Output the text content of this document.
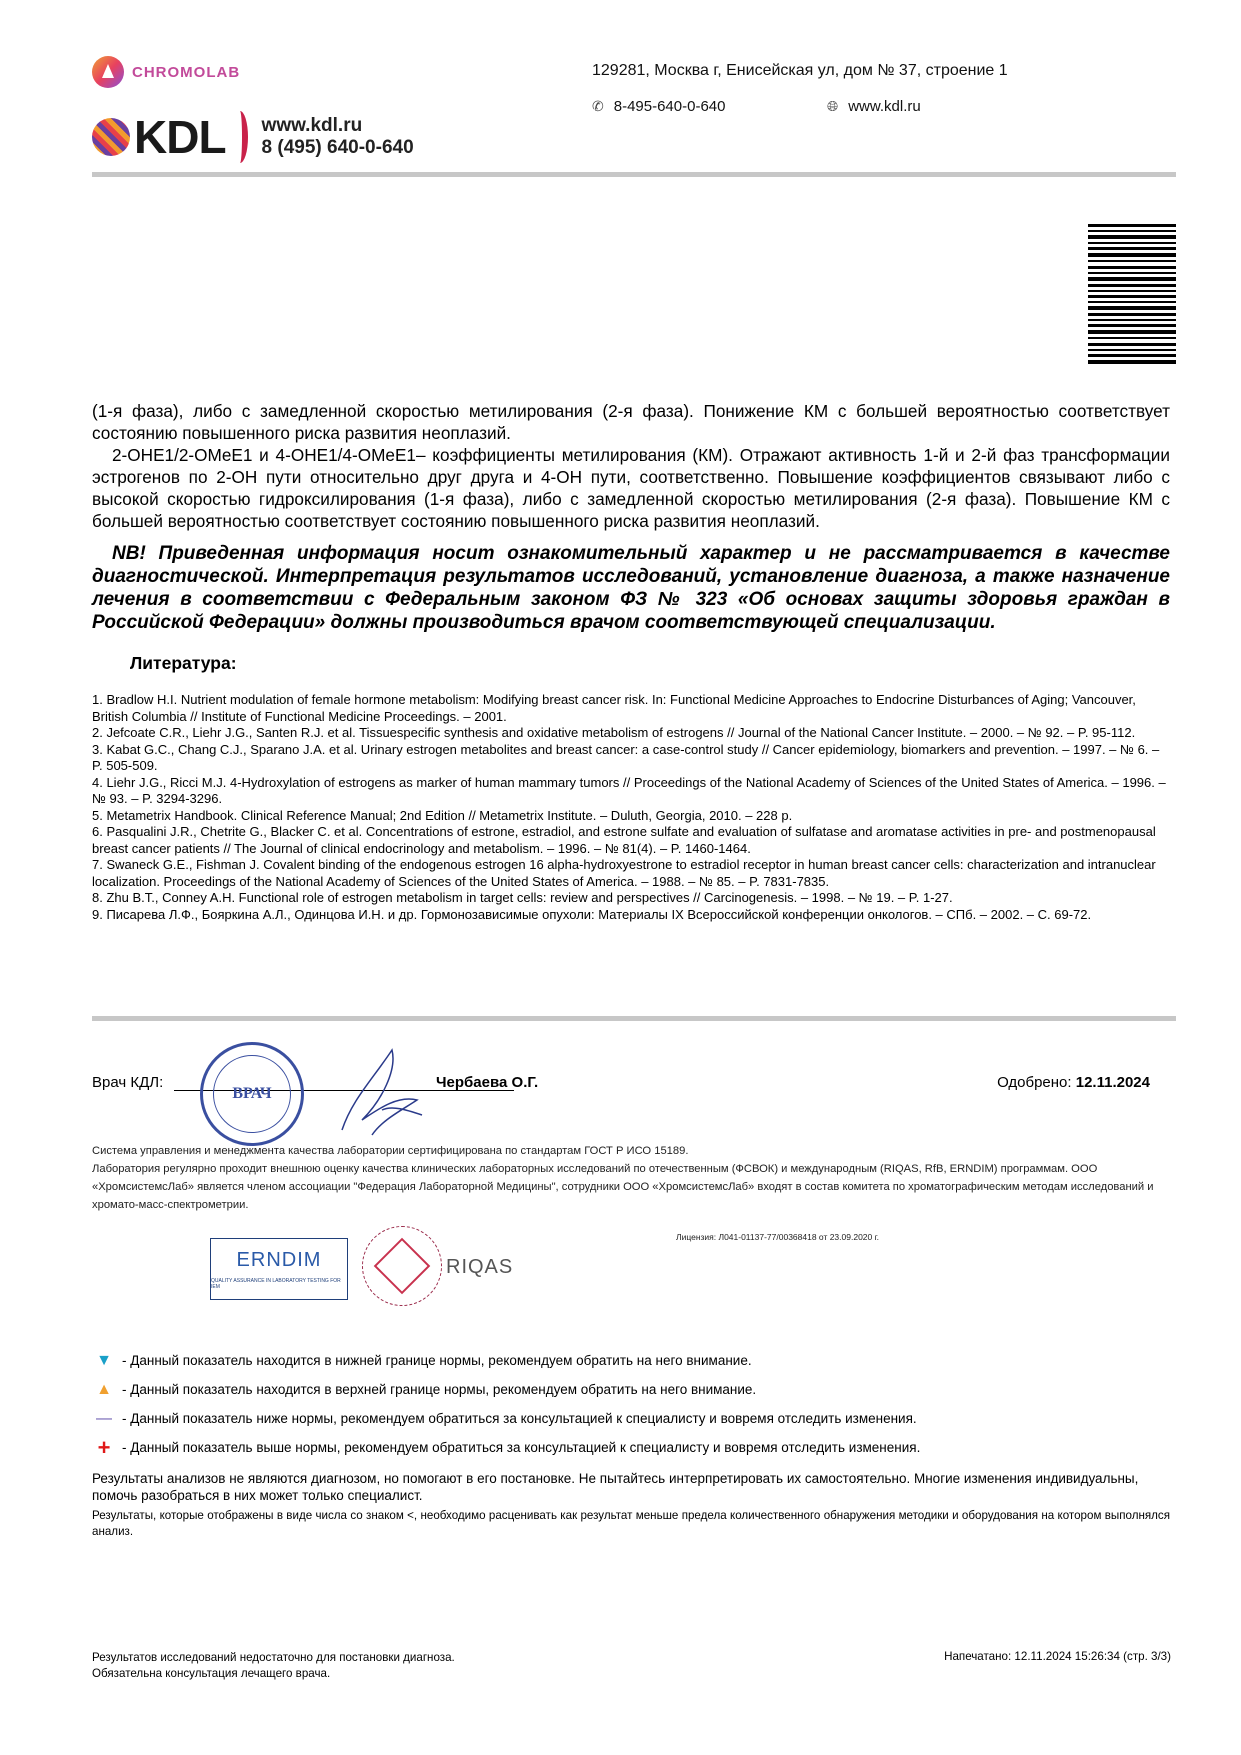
CHROMOLAB
KDL www.kdl.ru
8 (495) 640-0-640
129281, Москва г, Енисейская ул, дом № 37, строение 1
✆ 8-495-640-0-640	🌐︎ www.kdl.ru
(1-я фаза), либо с замедленной скоростью метилирования (2-я фаза). Понижение КМ с большей вероятностью соответствует состоянию повышенного риска развития неоплазий.
2-OHE1/2-OMeE1 и 4-OHE1/4-OMeE1– коэффициенты метилирования (КМ). Отражают активность 1-й и 2-й фаз трансформации эстрогенов по 2-ОН пути относительно друг друга и 4-ОН пути, соответственно. Повышение коэффициентов связывают либо с высокой скоростью гидроксилирования (1-я фаза), либо с замедленной скоростью метилирования (2-я фаза). Повышение КМ с большей вероятностью соответствует состоянию повышенного риска развития неоплазий.
NB! Приведенная информация носит ознакомительный характер и не рассматривается в качестве диагностической. Интерпретация результатов исследований, установление диагноза, а также назначение лечения в соответствии с Федеральным законом ФЗ № 323 «Об основах защиты здоровья граждан в Российской Федерации» должны производиться врачом соответствующей специализации.
Литература:
1. Bradlow H.I. Nutrient modulation of female hormone metabolism: Modifying breast cancer risk. In: Functional Medicine Approaches to Endocrine Disturbances of Aging; Vancouver, British Columbia // Institute of Functional Medicine Proceedings. – 2001.
2. Jefcoate C.R., Liehr J.G., Santen R.J. et al. Tissuespecific synthesis and oxidative metabolism of estrogens // Journal of the National Cancer Institute. – 2000. – № 92. – P. 95-112.
3. Kabat G.C., Chang C.J., Sparano J.A. et al. Urinary estrogen metabolites and breast cancer: a case-control study // Cancer epidemiology, biomarkers and prevention. – 1997. – № 6. – P. 505-509.
4. Liehr J.G., Ricci M.J. 4-Hydroxylation of estrogens as marker of human mammary tumors // Proceedings of the National Academy of Sciences of the United States of America. – 1996. – № 93. – P. 3294-3296.
5. Metametrix Handbook. Clinical Reference Manual; 2nd Edition // Metametrix Institute. – Duluth, Georgia, 2010. – 228 p.
6. Pasqualini J.R., Chetrite G., Blacker C. et al. Concentrations of estrone, estradiol, and estrone sulfate and evaluation of sulfatase and aromatase activities in pre- and postmenopausal breast cancer patients // The Journal of clinical endocrinology and metabolism. – 1996. – № 81(4). – P. 1460-1464.
7. Swaneck G.E., Fishman J. Covalent binding of the endogenous estrogen 16 alpha-hydroxyestrone to estradiol receptor in human breast cancer cells: characterization and intranuclear localization. Proceedings of the National Academy of Sciences of the United States of America. – 1988. – № 85. – P. 7831-7835.
8. Zhu B.T., Conney A.H. Functional role of estrogen metabolism in target cells: review and perspectives // Carcinogenesis. – 1998. – № 19. – P. 1-27.
9. Писарева Л.Ф., Бояркина А.Л., Одинцова И.Н. и др. Гормонозависимые опухоли: Материалы IX Всероссийской конференции онкологов. – СПб. – 2002. – С. 69-72.
Врач КДЛ:
ВРАЧ
Чербаева О.Г.	Одобрено: 12.11.2024
Система управления и менеджмента качества лаборатории сертифицирована по стандартам ГОСТ Р ИСО 15189.
Лаборатория регулярно проходит внешнюю оценку качества клинических лабораторных исследований по отечественным (ФСВОК) и международным (RIQAS, RfB, ERNDIM) программам. ООО «ХромсистемсЛаб» является членом ассоциации "Федерация Лабораторной Медицины", сотрудники ООО «ХромсистемсЛаб» входят в состав комитета по хроматографическим методам исследований и хромато-масс-спектрометрии.
Лицензия: Л041-01137-77/00368418 от 23.09.2020 г.
ERNDIM
QUALITY ASSURANCE IN LABORATORY TESTING FOR IEM
RIQAS
▼ - Данный показатель находится в нижней границе нормы, рекомендуем обратить на него внимание.
▲ - Данный показатель находится в верхней границе нормы, рекомендуем обратить на него внимание.
— - Данный показатель ниже нормы, рекомендуем обратиться за консультацией к специалисту и вовремя отследить изменения.
+ - Данный показатель выше нормы, рекомендуем обратиться за консультацией к специалисту и вовремя отследить изменения.
Результаты анализов не являются диагнозом, но помогают в его постановке. Не пытайтесь интерпретировать их самостоятельно. Многие изменения индивидуальны, помочь разобраться в них может только специалист.
Результаты, которые отображены в виде числа со знаком <, необходимо расценивать как результат меньше предела количественного обнаружения методики и оборудования на котором выполнялся анализ.
Результатов исследований недостаточно для постановки диагноза.
Обязательна консультация лечащего врача.
Напечатано: 12.11.2024 15:26:34 (стр. 3/3)
